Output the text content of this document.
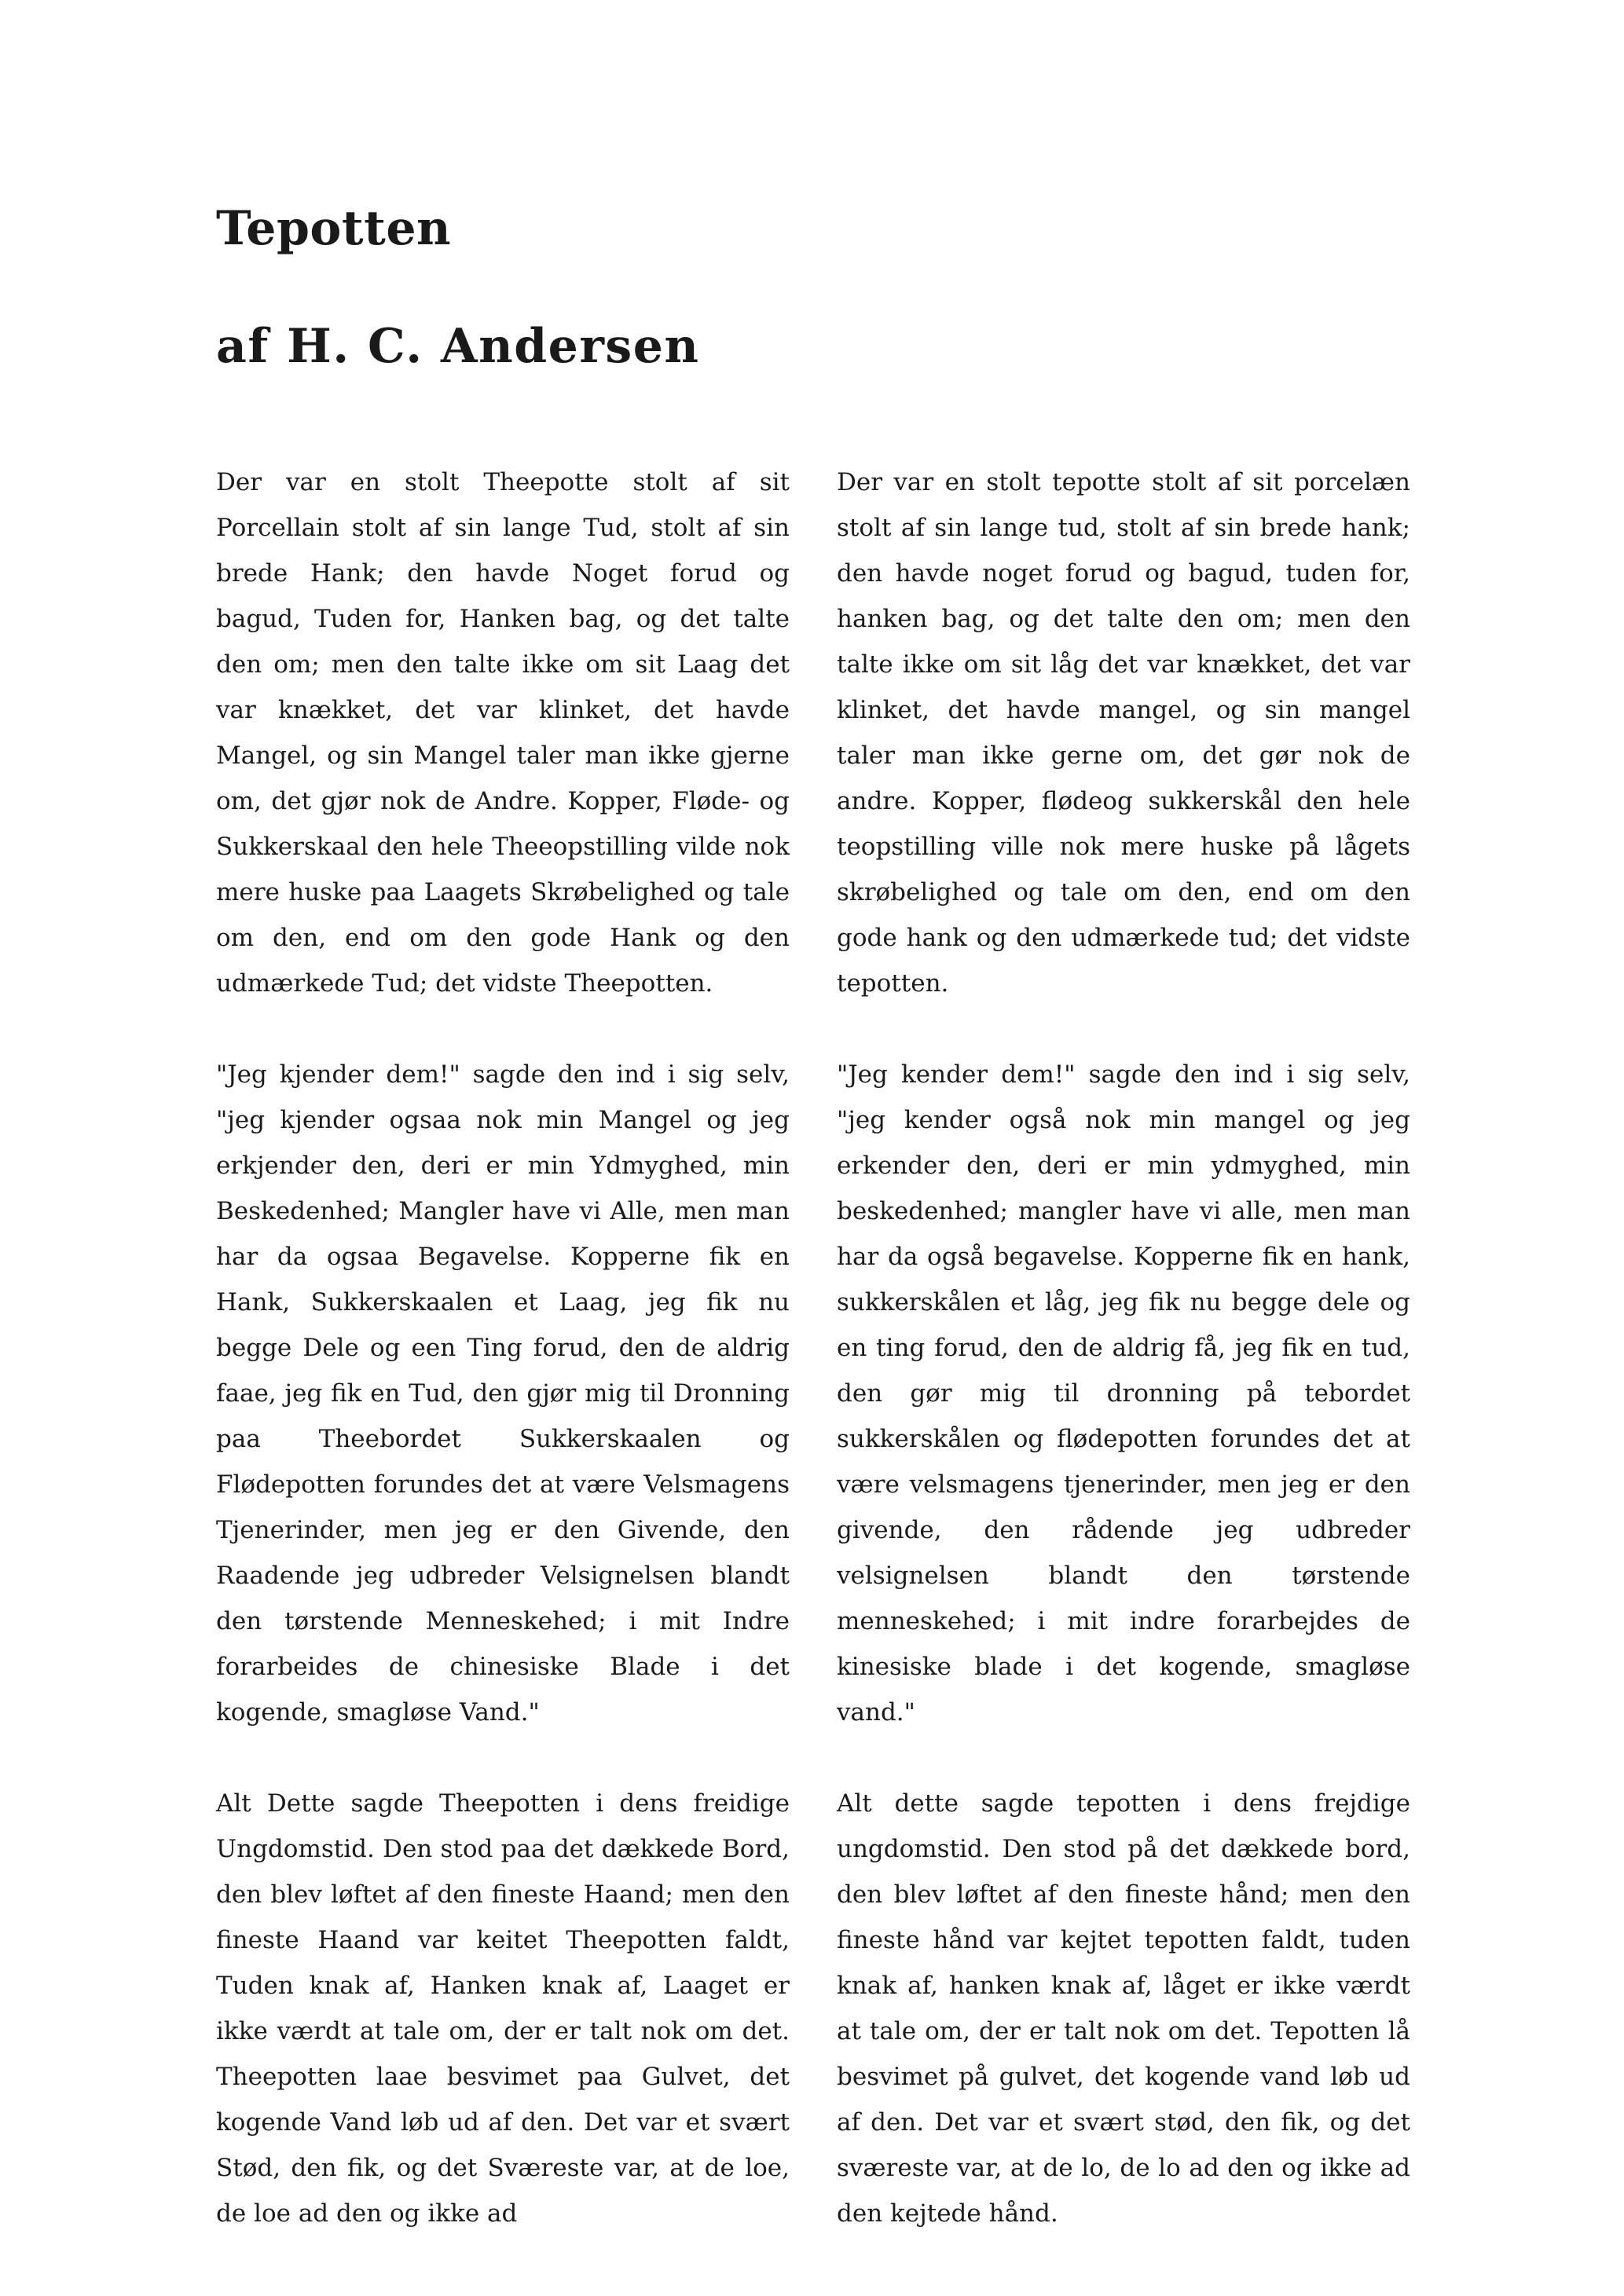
Tepotten
af H. C. Andersen

Der var en stolt Theepotte stolt af sit Porcellain stolt af sin lange Tud, stolt af sin brede Hank; den havde Noget forud og bagud, Tuden for, Hanken bag, og det talte den om; men den talte ikke om sit Laag det var knækket, det var klinket, det havde Mangel, og sin Mangel taler man ikke gjerne om, det gjør nok de Andre. Kopper, Fløde- og Sukkerskaal den hele Theeopstilling vilde nok mere huske paa Laagets Skrøbelighed og tale om den, end om den gode Hank og den udmærkede Tud; det vidste Theepotten.

"Jeg kjender dem!" sagde den ind i sig selv, "jeg kjender ogsaa nok min Mangel og jeg erkjender den, deri er min Ydmyghed, min Beskedenhed; Mangler have vi Alle, men man har da ogsaa Begavelse. Kopperne fik en Hank, Sukkerskaalen et Laag, jeg fik nu begge Dele og een Ting forud, den de aldrig faae, jeg fik en Tud, den gjør mig til Dronning paa Theebordet Sukkerskaalen og Flødepotten forundes det at være Velsmagens Tjenerinder, men jeg er den Givende, den Raadende jeg udbreder Velsignelsen blandt den tørstende Menneskehed; i mit Indre forarbeides de chinesiske Blade i det kogende, smagløse Vand."

Alt Dette sagde Theepotten i dens freidige Ungdomstid. Den stod paa det dækkede Bord, den blev løftet af den fineste Haand; men den fineste Haand var keitet Theepotten faldt, Tuden knak af, Hanken knak af, Laaget er ikke værdt at tale om, der er talt nok om det. Theepotten laae besvimet paa Gulvet, det kogende Vand løb ud af den. Det var et svært Stød, den fik, og det Sværeste var, at de loe, de loe ad den og ikke ad

Der var en stolt tepotte stolt af sit porcelæn stolt af sin lange tud, stolt af sin brede hank; den havde noget forud og bagud, tuden for, hanken bag, og det talte den om; men den talte ikke om sit låg det var knækket, det var klinket, det havde mangel, og sin mangel taler man ikke gerne om, det gør nok de andre. Kopper, flødeog sukkerskål den hele teopstilling ville nok mere huske på lågets skrøbelighed og tale om den, end om den gode hank og den udmærkede tud; det vidste tepotten.

"Jeg kender dem!" sagde den ind i sig selv, "jeg kender også nok min mangel og jeg erkender den, deri er min ydmyghed, min beskedenhed; mangler have vi alle, men man har da også begavelse. Kopperne fik en hank, sukkerskålen et låg, jeg fik nu begge dele og en ting forud, den de aldrig få, jeg fik en tud, den gør mig til dronning på tebordet sukkerskålen og flødepotten forundes det at være velsmagens tjenerinder, men jeg er den givende, den rådende jeg udbreder velsignelsen blandt den tørstende menneskehed; i mit indre forarbejdes de kinesiske blade i det kogende, smagløse vand."

Alt dette sagde tepotten i dens frejdige ungdomstid. Den stod på det dækkede bord, den blev løftet af den fineste hånd; men den fineste hånd var kejtet tepotten faldt, tuden knak af, hanken knak af, låget er ikke værdt at tale om, der er talt nok om det. Tepotten lå besvimet på gulvet, det kogende vand løb ud af den. Det var et svært stød, den fik, og det sværeste var, at de lo, de lo ad den og ikke ad den kejtede hånd.
